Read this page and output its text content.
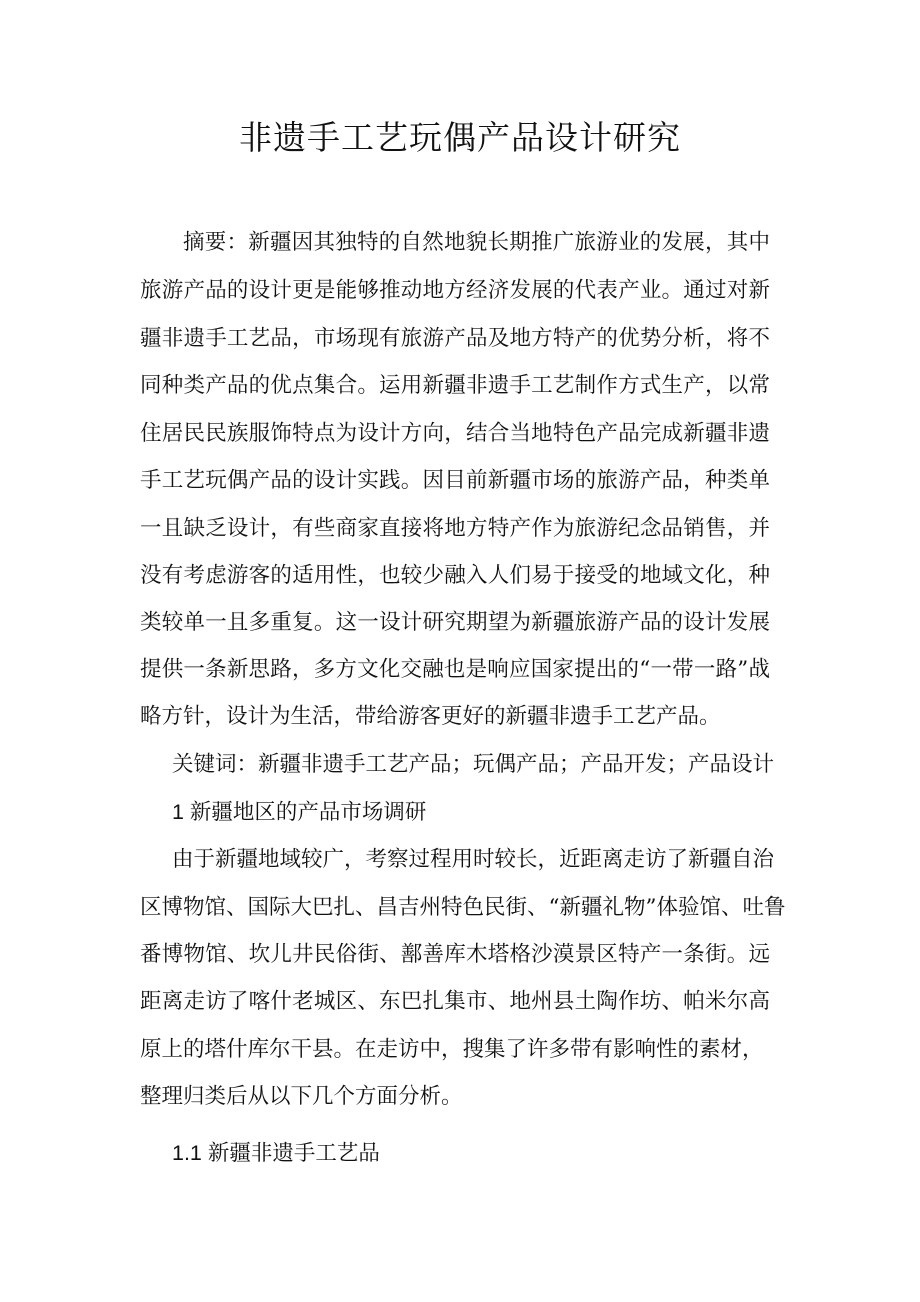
非遗手工艺玩偶产品设计研究
摘要：新疆因其独特的自然地貌长期推广旅游业的发展，其中
旅游产品的设计更是能够推动地方经济发展的代表产业。通过对新
疆非遗手工艺品，市场现有旅游产品及地方特产的优势分析，将不
同种类产品的优点集合。运用新疆非遗手工艺制作方式生产，以常
住居民民族服饰特点为设计方向，结合当地特色产品完成新疆非遗
手工艺玩偶产品的设计实践。因目前新疆市场的旅游产品，种类单
一且缺乏设计，有些商家直接将地方特产作为旅游纪念品销售，并
没有考虑游客的适用性，也较少融入人们易于接受的地域文化，种
类较单一且多重复。这一设计研究期望为新疆旅游产品的设计发展
提供一条新思路，多方文化交融也是响应国家提出的“一带一路”战
略方针，设计为生活，带给游客更好的新疆非遗手工艺产品。
关键词：新疆非遗手工艺产品；玩偶产品；产品开发；产品设计
1 新疆地区的产品市场调研
由于新疆地域较广，考察过程用时较长，近距离走访了新疆自治
区博物馆、国际大巴扎、昌吉州特色民街、“新疆礼物”体验馆、吐鲁
番博物馆、坎儿井民俗街、鄯善库木塔格沙漠景区特产一条街。远
距离走访了喀什老城区、东巴扎集市、地州县土陶作坊、帕米尔高
原上的塔什库尔干县。在走访中，搜集了许多带有影响性的素材，
整理归类后从以下几个方面分析。
1.1 新疆非遗手工艺品
